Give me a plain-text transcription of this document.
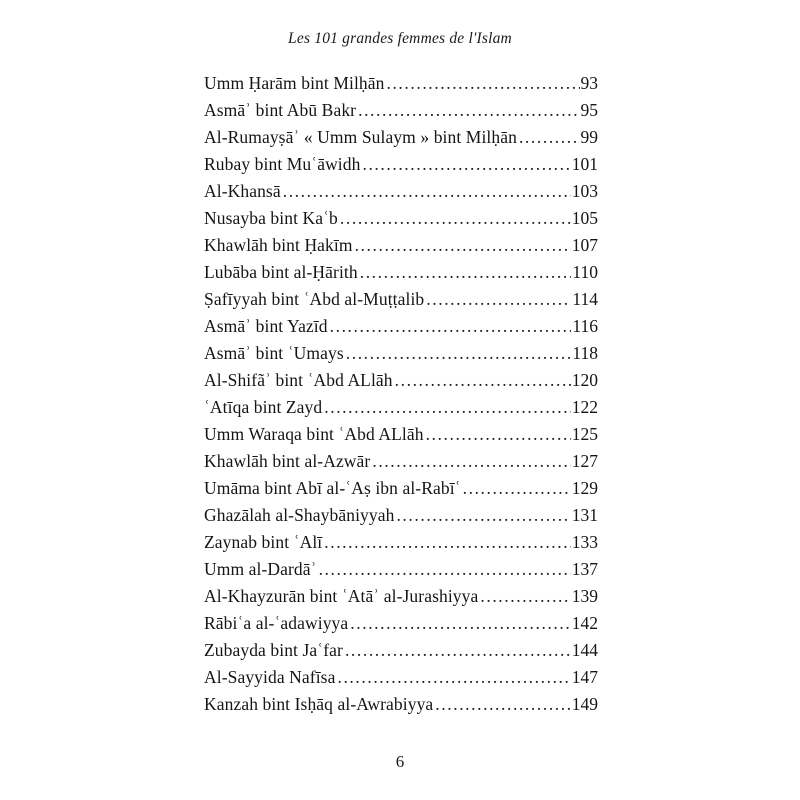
Les 101 grandes femmes de l'Islam
Umm Ḥarām bint Milḥān .....	93
Asmāʾ bint Abū Bakr .....	95
Al-Rumayṣāʾ « Umm Sulaym » bint Milḥān .....	99
Rubay bint Muʿāwidh .....	101
Al-Khansā .....	103
Nusayba bint Kaʿb .....	105
Khawlāh bint Ḥakīm .....	107
Lubāba bint al-Ḥārith .....	110
Ṣafīyyah bint ʿAbd al-Muṭṭalib .....	114
Asmāʾ bint Yazīd .....	116
Asmāʾ bint ʿUmays .....	118
Al-Shifãʾ bint ʿAbd ALlāh .....	120
ʿAtīqa bint Zayd .....	122
Umm Waraqa bint ʿAbd ALlāh .....	125
Khawlāh bint al-Azwār .....	127
Umāma bint Abī al-ʿAṣ ibn al-Rabīʿ .....	129
Ghazālah al-Shaybāniyyah .....	131
Zaynab bint ʿAlī .....	133
Umm al-Dardāʾ .....	137
Al-Khayzurān bint ʿAtāʾ al-Jurashiyya .....	139
Rābiʿa al-ʿadawiyya .....	142
Zubayda bint Jaʿfar .....	144
Al-Sayyida Nafīsa .....	147
Kanzah bint Isḥāq al-Awrabiyya .....	149
6
